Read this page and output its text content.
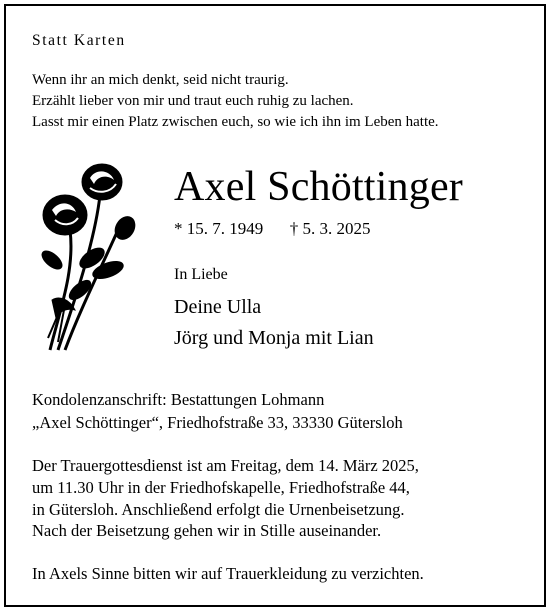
Statt Karten
Wenn ihr an mich denkt, seid nicht traurig.
Erzählt lieber von mir und traut euch ruhig zu lachen.
Lasst mir einen Platz zwischen euch, so wie ich ihn im Leben hatte.
Axel Schöttinger
* 15. 7. 1949 † 5. 3. 2025
In Liebe
Deine Ulla
Jörg und Monja mit Lian
Kondolenzanschrift: Bestattungen Lohmann
„Axel Schöttinger“, Friedhofstraße 33, 33330 Gütersloh
Der Trauergottesdienst ist am Freitag, dem 14. März 2025,
um 11.30 Uhr in der Friedhofskapelle, Friedhofstraße 44,
in Gütersloh. Anschließend erfolgt die Urnenbeisetzung.
Nach der Beisetzung gehen wir in Stille auseinander.
In Axels Sinne bitten wir auf Trauerkleidung zu verzichten.
